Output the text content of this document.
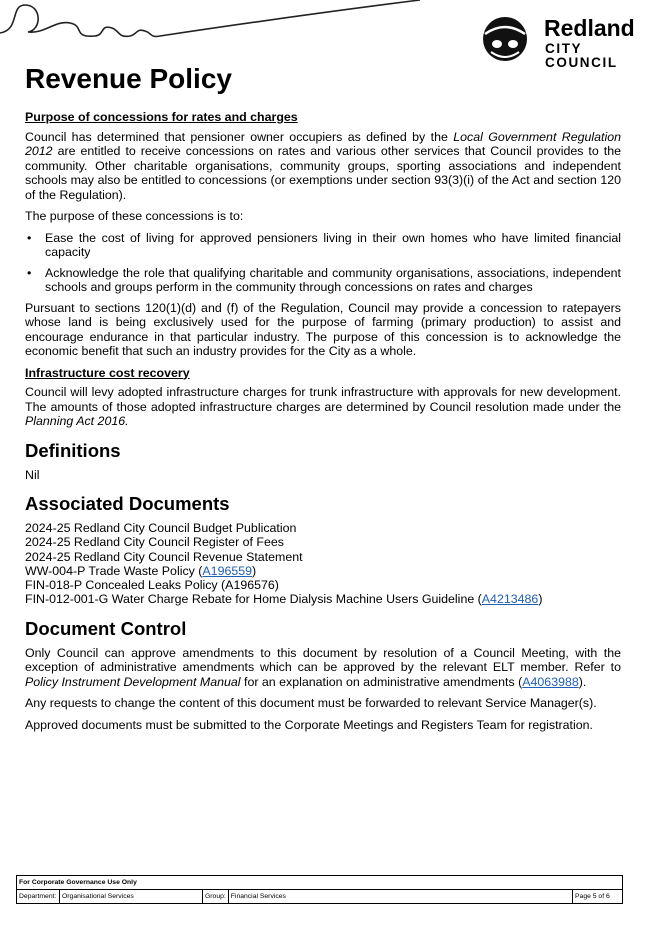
Redland
CITY COUNCIL
Revenue Policy

Purpose of concessions for rates and charges

Council has determined that pensioner owner occupiers as defined by the Local Government Regulation 2012 are entitled to receive concessions on rates and various other services that Council provides to the community. Other charitable organisations, community groups, sporting associations and independent schools may also be entitled to concessions (or exemptions under section 93(3)(i) of the Act and section 120 of the Regulation).

The purpose of these concessions is to:

• Ease the cost of living for approved pensioners living in their own homes who have limited financial capacity
• Acknowledge the role that qualifying charitable and community organisations, associations, independent schools and groups perform in the community through concessions on rates and charges

Pursuant to sections 120(1)(d) and (f) of the Regulation, Council may provide a concession to ratepayers whose land is being exclusively used for the purpose of farming (primary production) to assist and encourage endurance in that particular industry. The purpose of this concession is to acknowledge the economic benefit that such an industry provides for the City as a whole.

Infrastructure cost recovery

Council will levy adopted infrastructure charges for trunk infrastructure with approvals for new development. The amounts of those adopted infrastructure charges are determined by Council resolution made under the Planning Act 2016.

Definitions

Nil

Associated Documents
2024-25 Redland City Council Budget Publication
2024-25 Redland City Council Register of Fees
2024-25 Redland City Council Revenue Statement
WW-004-P Trade Waste Policy (A196559)
FIN-018-P Concealed Leaks Policy (A196576)
FIN-012-001-G Water Charge Rebate for Home Dialysis Machine Users Guideline (A4213486)
Document Control

Only Council can approve amendments to this document by resolution of a Council Meeting, with the exception of administrative amendments which can be approved by the relevant ELT member. Refer to Policy Instrument Development Manual for an explanation on administrative amendments (A4063988).

Any requests to change the content of this document must be forwarded to relevant Service Manager(s).

Approved documents must be submitted to the Corporate Meetings and Registers Team for registration.

For Corporate Governance Use Only
Department:	Organisational Services	Group:	Financial Services	Page 5 of 6
